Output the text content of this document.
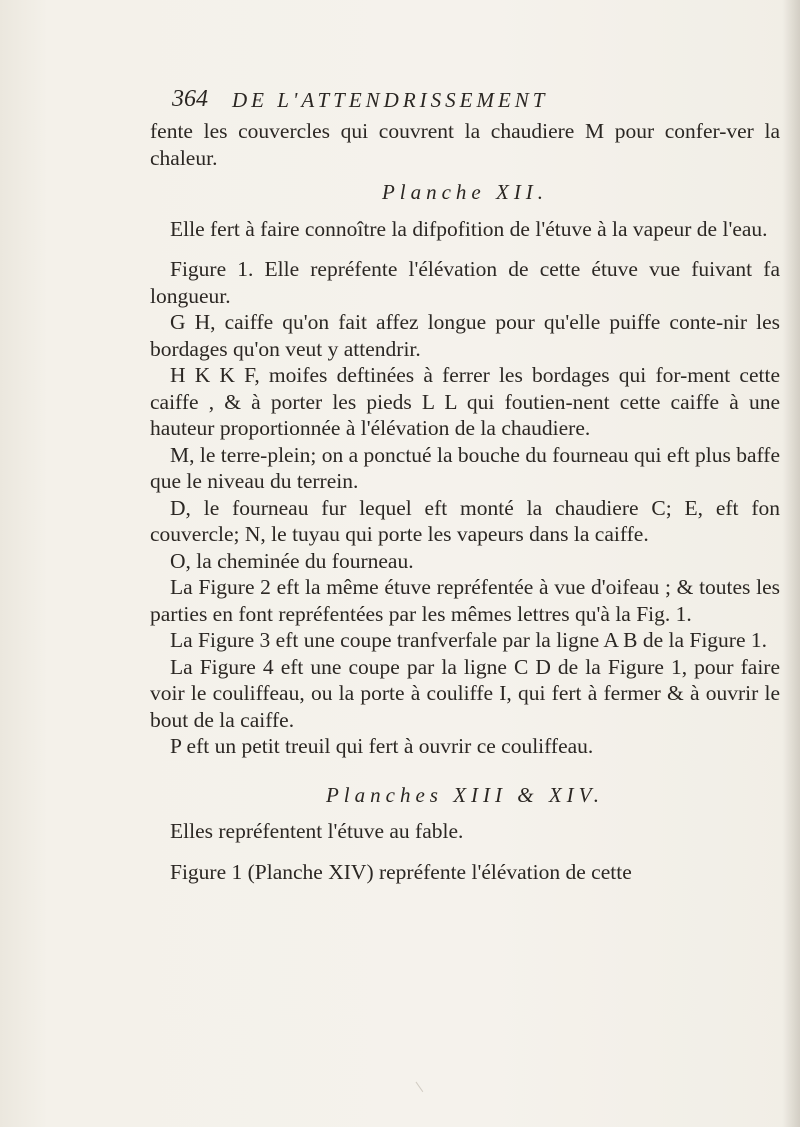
364 DE L'ATTENDRISSEMENT

fente les couvercles qui couvrent la chaudiere M pour confer-ver la chaleur.

Planche XII.

Elle fert à faire connoître la difpofition de l'étuve à la vapeur de l'eau.

Figure 1. Elle repréfente l'élévation de cette étuve vue fuivant fa longueur.

G H, caiffe qu'on fait affez longue pour qu'elle puiffe conte-nir les bordages qu'on veut y attendrir.

H K K F, moifes deftinées à ferrer les bordages qui for-ment cette caiffe , & à porter les pieds L L qui foutien-nent cette caiffe à une hauteur proportionnée à l'élévation de la chaudiere.

M, le terre-plein; on a ponctué la bouche du fourneau qui eft plus baffe que le niveau du terrein.

D, le fourneau fur lequel eft monté la chaudiere C; E, eft fon couvercle; N, le tuyau qui porte les vapeurs dans la caiffe.

O, la cheminée du fourneau.

La Figure 2 eft la même étuve repréfentée à vue d'oifeau ; & toutes les parties en font repréfentées par les mêmes lettres qu'à la Fig. 1.

La Figure 3 eft une coupe tranfverfale par la ligne A B de la Figure 1.

La Figure 4 eft une coupe par la ligne C D de la Figure 1, pour faire voir le couliffeau, ou la porte à couliffe I, qui fert à fermer & à ouvrir le bout de la caiffe.

P eft un petit treuil qui fert à ouvrir ce couliffeau.

Planches XIII & XIV.

Elles repréfentent l'étuve au fable.

Figure 1 (Planche XIV) repréfente l'élévation de cette
